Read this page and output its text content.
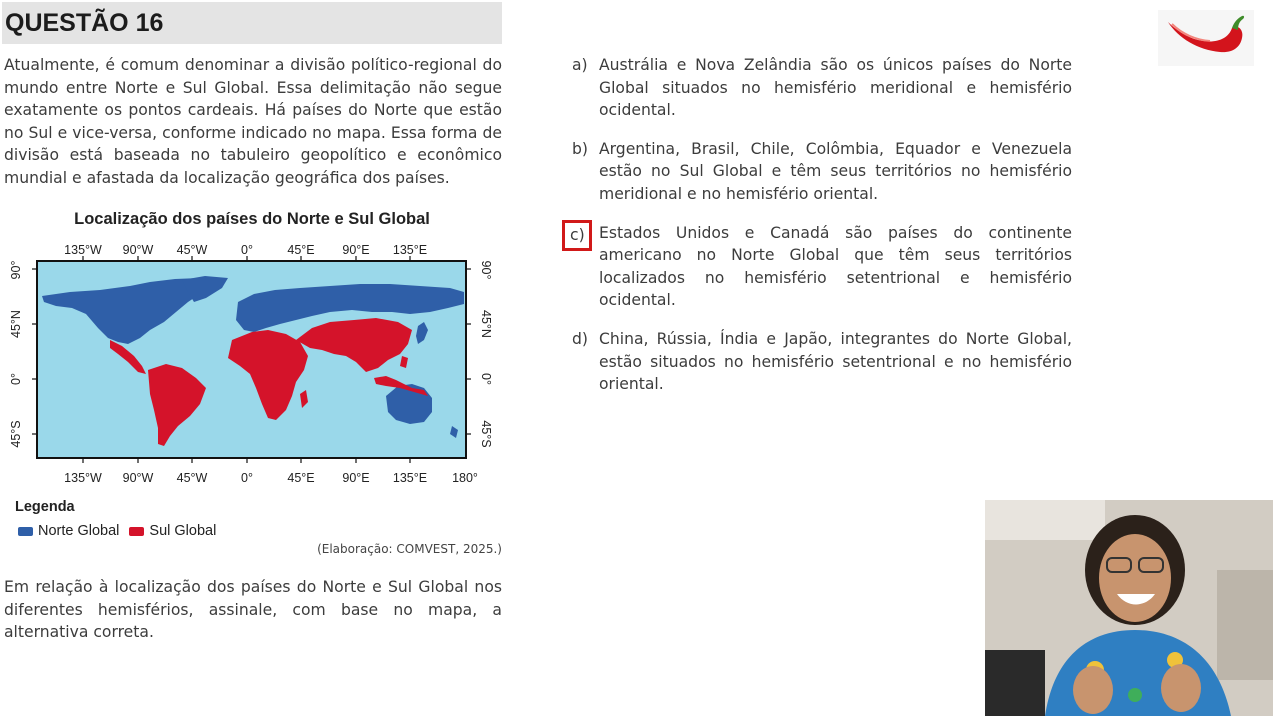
QUESTÃO 16

Atualmente, é comum denominar a divisão político-regional do mundo entre Norte e Sul Global. Essa delimitação não segue exatamente os pontos cardeais. Há países do Norte que estão no Sul e vice-versa, conforme indicado no mapa. Essa forma de divisão está baseada no tabuleiro geopolítico e econômico mundial e afastada da localização geográfica dos países.

Localização dos países do Norte e Sul Global
135°W 90°W 45°W	0°	45°E 90°E 135°E
135°W 90°W 45°W	0°	45°E 90°E 135°E 180°
90°
45°N
0°
45°S
90°
45°N
0°
45°S
Legenda
Norte Global Sul Global
(Elaboração: COMVEST, 2025.)

Em relação à localização dos países do Norte e Sul Global nos diferentes hemisférios, assinale, com base no mapa, a alternativa correta.

a) Austrália e Nova Zelândia são os únicos países do Norte Global situados no hemisfério meridional e hemisfério ocidental.
b) Argentina, Brasil, Chile, Colômbia, Equador e Venezuela estão no Sul Global e têm seus territórios no hemisfério meridional e no hemisfério oriental.
c) Estados Unidos e Canadá são países do continente americano no Norte Global que têm seus territórios localizados no hemisfério setentrional e hemisfério ocidental.
d) China, Rússia, Índia e Japão, integrantes do Norte Global, estão situados no hemisfério setentrional e no hemisfério oriental.
